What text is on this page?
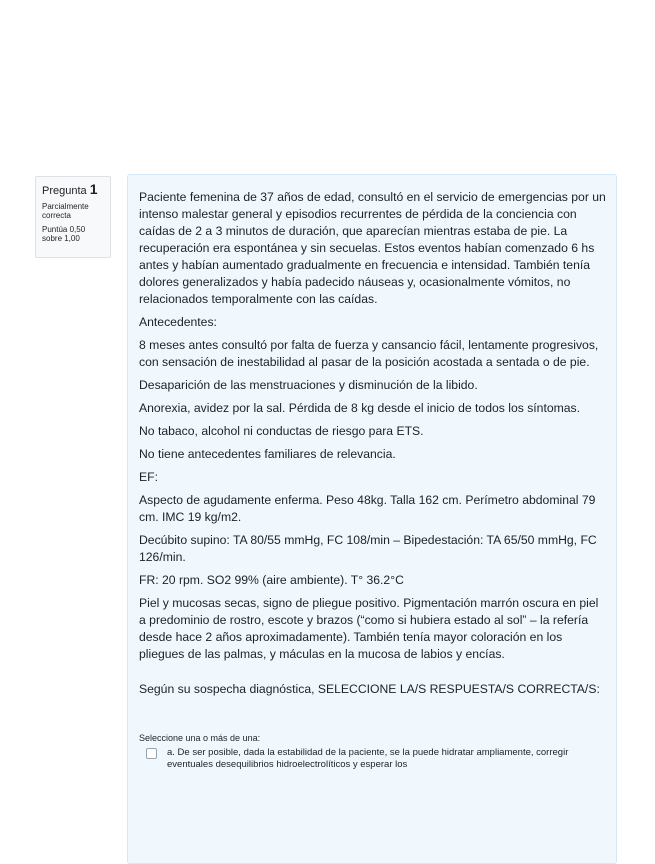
Pregunta 1
Parcialmente correcta
Puntúa 0,50 sobre 1,00

Paciente femenina de 37 años de edad, consultó en el servicio de emergencias por un intenso malestar general y episodios recurrentes de pérdida de la conciencia con caídas de 2 a 3 minutos de duración, que aparecían mientras estaba de pie. La recuperación era espontánea y sin secuelas. Estos eventos habían comenzado 6 hs antes y habían aumentado gradualmente en frecuencia e intensidad. También tenía dolores generalizados y había padecido náuseas y, ocasionalmente vómitos, no relacionados temporalmente con las caídas.

Antecedentes:

8 meses antes consultó por falta de fuerza y cansancio fácil, lentamente progresivos, con sensación de inestabilidad al pasar de la posición acostada a sentada o de pie.

Desaparición de las menstruaciones y disminución de la libido.

Anorexia, avidez por la sal. Pérdida de 8 kg desde el inicio de todos los síntomas.

No tabaco, alcohol ni conductas de riesgo para ETS.

No tiene antecedentes familiares de relevancia.

EF:

Aspecto de agudamente enferma. Peso 48kg. Talla 162 cm. Perímetro abdominal 79 cm. IMC 19 kg/m2.

Decúbito supino: TA 80/55 mmHg, FC 108/min – Bipedestación: TA 65/50 mmHg, FC 126/min.

FR: 20 rpm. SO2 99% (aire ambiente). T° 36.2°C

Piel y mucosas secas, signo de pliegue positivo. Pigmentación marrón oscura en piel a predominio de rostro, escote y brazos (“como si hubiera estado al sol” – la refería desde hace 2 años aproximadamente). También tenía mayor coloración en los pliegues de las palmas, y máculas en la mucosa de labios y encías.

Según su sospecha diagnóstica, SELECCIONE LA/S RESPUESTA/S CORRECTA/S:

Seleccione una o más de una:
a. De ser posible, dada la estabilidad de la paciente, se la puede hidratar ampliamente, corregir eventuales desequilibrios hidroelectrolíticos y esperar los
